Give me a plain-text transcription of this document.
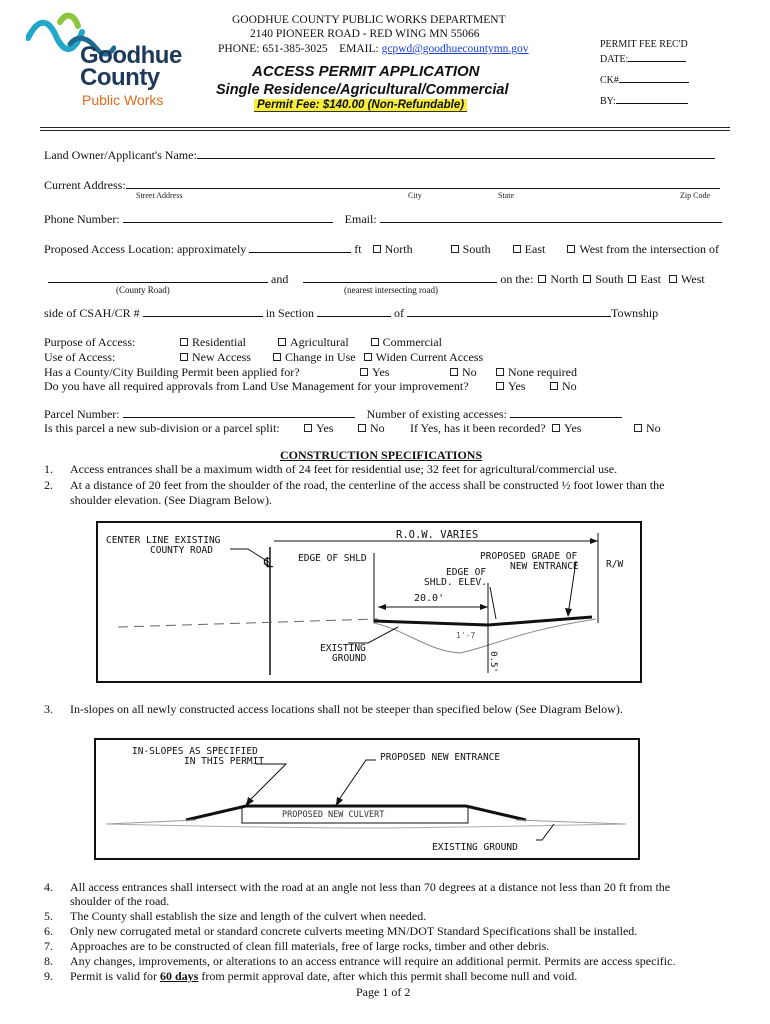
Goodhue
County
Public Works
GOODHUE COUNTY PUBLIC WORKS DEPARTMENT
2140 PIONEER ROAD - RED WING MN 55066
PHONE: 651-385-3025 EMAIL: gcpwd@goodhuecountymn.gov
ACCESS PERMIT APPLICATION
Single Residence/Agricultural/Commercial
Permit Fee: $140.00 (Non-Refundable)
PERMIT FEE REC'D
DATE:
CK#
BY:
Land Owner/Applicant's Name:
Current Address:
Street Address	City	State	Zip Code
Phone Number:	Email:
Proposed Access Location: approximately	ft North	South	East	West from the intersection of
and	on the: North South East West
(County Road)	(nearest intersecting road)
side of CSAH/CR #	in Section	of	Township
Purpose of Access:	Residential	Agricultural	Commercial
Use of Access:	New Access	Change in Use Widen Current Access
Has a County/City Building Permit been applied for?	Yes	No	None required
Do you have all required approvals from Land Use Management for your improvement?	Yes	No
Parcel Number:	Number of existing accesses:
Is this parcel a new sub-division or a parcel split:	Yes	No If Yes, has it been recorded?	Yes	No
CONSTRUCTION SPECIFICATIONS
1. Access entrances shall be a maximum width of 24 feet for residential use; 32 feet for agricultural/commercial use.
2. At a distance of 20 feet from the shoulder of the road, the centerline of the access shall be constructed ½ foot lower than the
shoulder elevation. (See Diagram Below).
CENTER LINE EXISTING
COUNTY ROAD
℄
R.O.W. VARIES
EDGE OF SHLD	PROPOSED GRADE OF
NEW ENTRANCE	R/W
EDGE OF
SHLD. ELEV.
20.0'
1'-7
EXISTING
GROUND	0.5'
3. In-slopes on all newly constructed access locations shall not be steeper than specified below (See Diagram Below).
IN-SLOPES AS SPECIFIED
IN THIS PERMIT	PROPOSED NEW ENTRANCE
PROPOSED NEW CULVERT
EXISTING GROUND
4. All access entrances shall intersect with the road at an angle not less than 70 degrees at a distance not less than 20 ft from the
shoulder of the road.
5. The County shall establish the size and length of the culvert when needed.
6. Only new corrugated metal or standard concrete culverts meeting MN/DOT Standard Specifications shall be installed.
7. Approaches are to be constructed of clean fill materials, free of large rocks, timber and other debris.
8. Any changes, improvements, or alterations to an access entrance will require an additional permit. Permits are access specific.
9. Permit is valid for 60 days from permit approval date, after which this permit shall become null and void.
Page 1 of 2
